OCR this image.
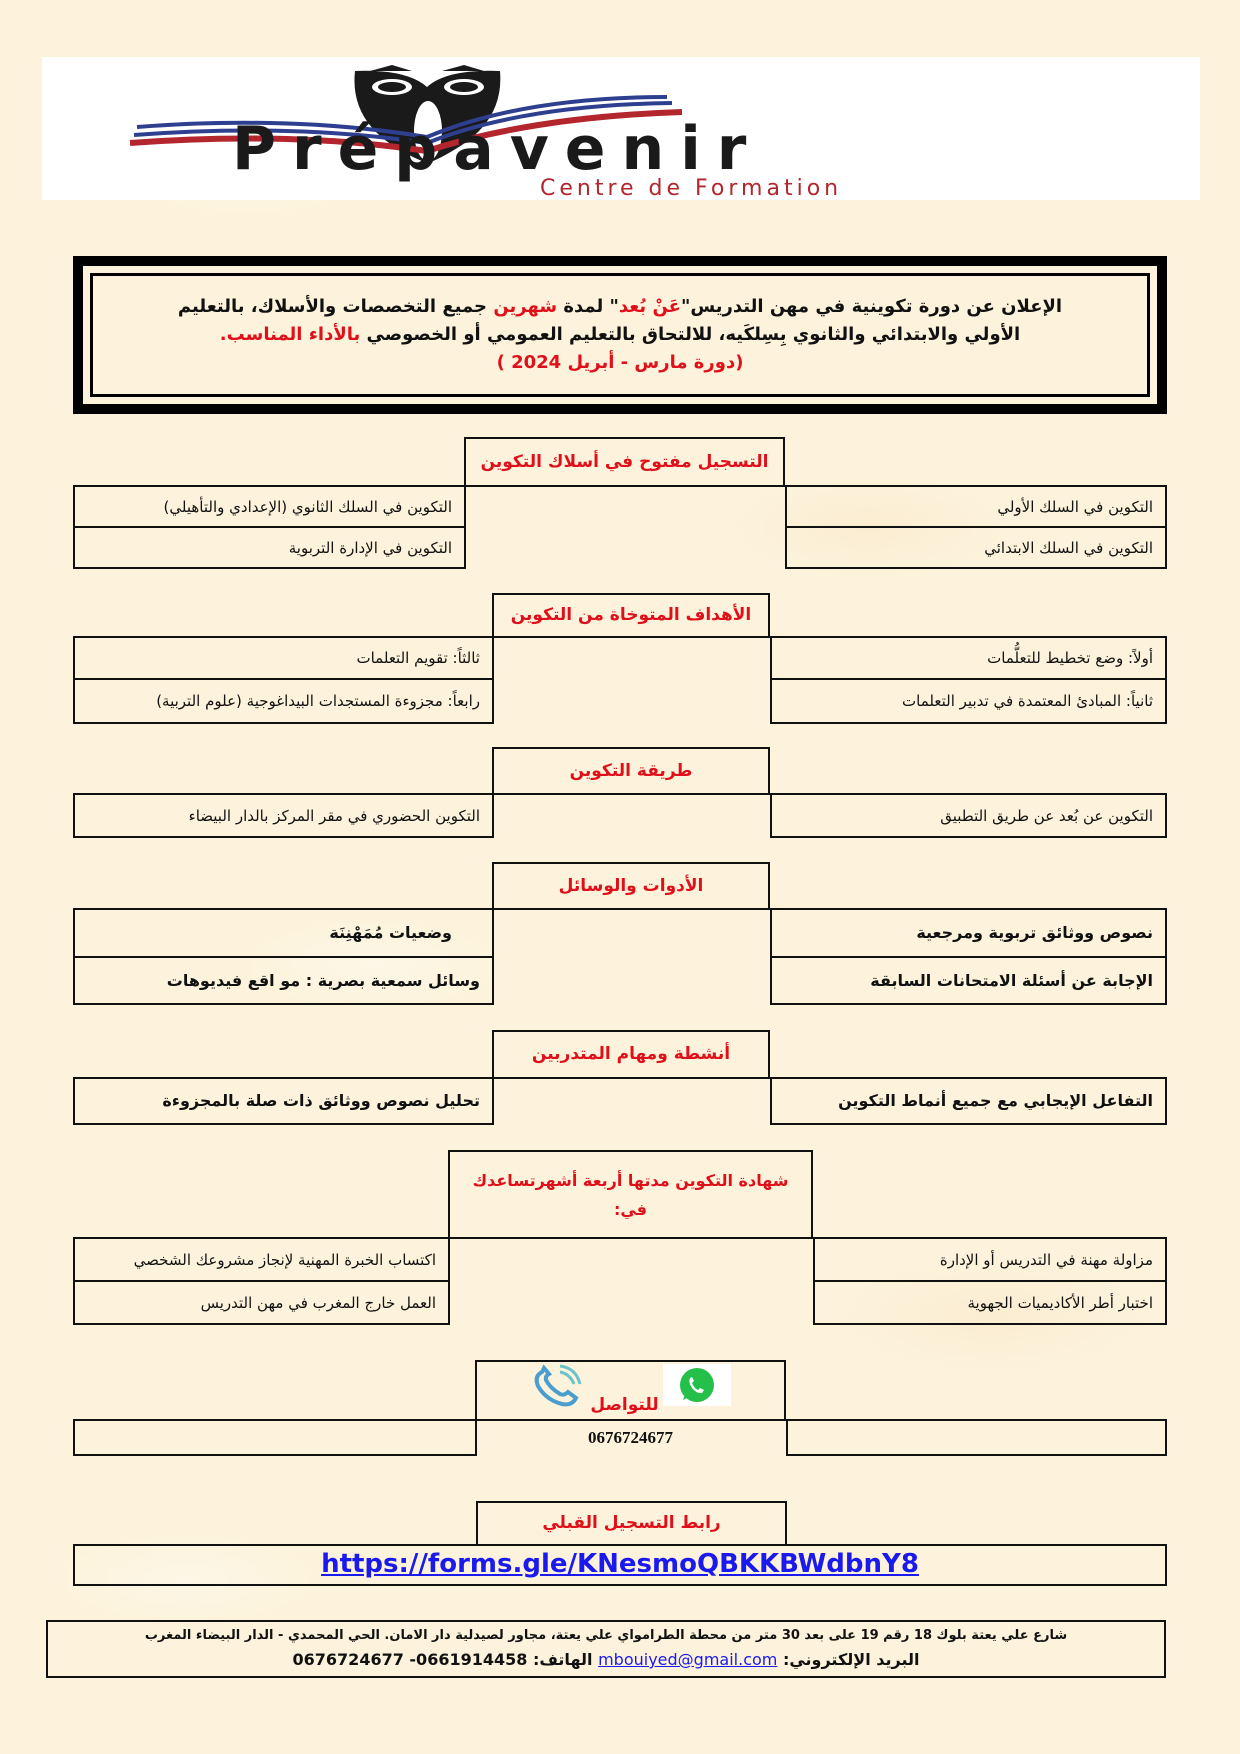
Prépavenir
Centre de Formation
الإعلان عن دورة تكوينية في مهن التدريس"عَنْ بُعد" لمدة شهرين جميع التخصصات والأسلاك، بالتعليم
الأولي والابتدائي والثانوي بِسِلكَيه، للالتحاق بالتعليم العمومي أو الخصوصي بالأداء المناسب.
(دورة مارس - أبريل 2024 )
التسجيل مفتوح في أسلاك التكوين
التكوين في السلك الأولي
التكوين في السلك الابتدائي
التكوين في السلك الثانوي (الإعدادي والتأهيلي)
التكوين في الإدارة التربوية
الأهداف المتوخاة من التكوين
أولاً: وضع تخطيط للتعلُّمات
ثانياً: المبادئ المعتمدة في تدبير التعلمات
ثالثاً: تقويم التعلمات
رابعاً: مجزوءة المستجدات البيداغوجية (علوم التربية)
طريقة التكوين
التكوين عن بُعد عن طريق التطبيق
التكوين الحضوري في مقر المركز بالدار البيضاء
الأدوات والوسائل
نصوص ووثائق تربوية ومرجعية
الإجابة عن أسئلة الامتحانات السابقة
وضعيات مُمَهْنِنَة
وسائل سمعية بصرية : مو اقع فيديوهات
أنشطة ومهام المتدربين
التفاعل الإيجابي مع جميع أنماط التكوين
تحليل نصوص ووثائق ذات صلة بالمجزوءة
شهادة التكوين مدتها أربعة أشهرتساعدك
في:
مزاولة مهنة في التدريس أو الإدارة
اختبار أطر الأكاديميات الجهوية
اكتساب الخبرة المهنية لإنجاز مشروعك الشخصي
العمل خارج المغرب في مهن التدريس
للتواصل
0676724677
رابط التسجيل القبلي
https://forms.gle/KNesmoQBKKBWdbnY8
شارع علي يعتة بلوك 18 رقم 19 على بعد 30 متر من محطة الطرامواي علي يعتة، مجاور لصيدلية دار الامان. الحي المحمدي - الدار البيضاء المغرب
البريد الإلكتروني: mbouiyed@gmail.com الهاتف: 0676724677 -0661914458
